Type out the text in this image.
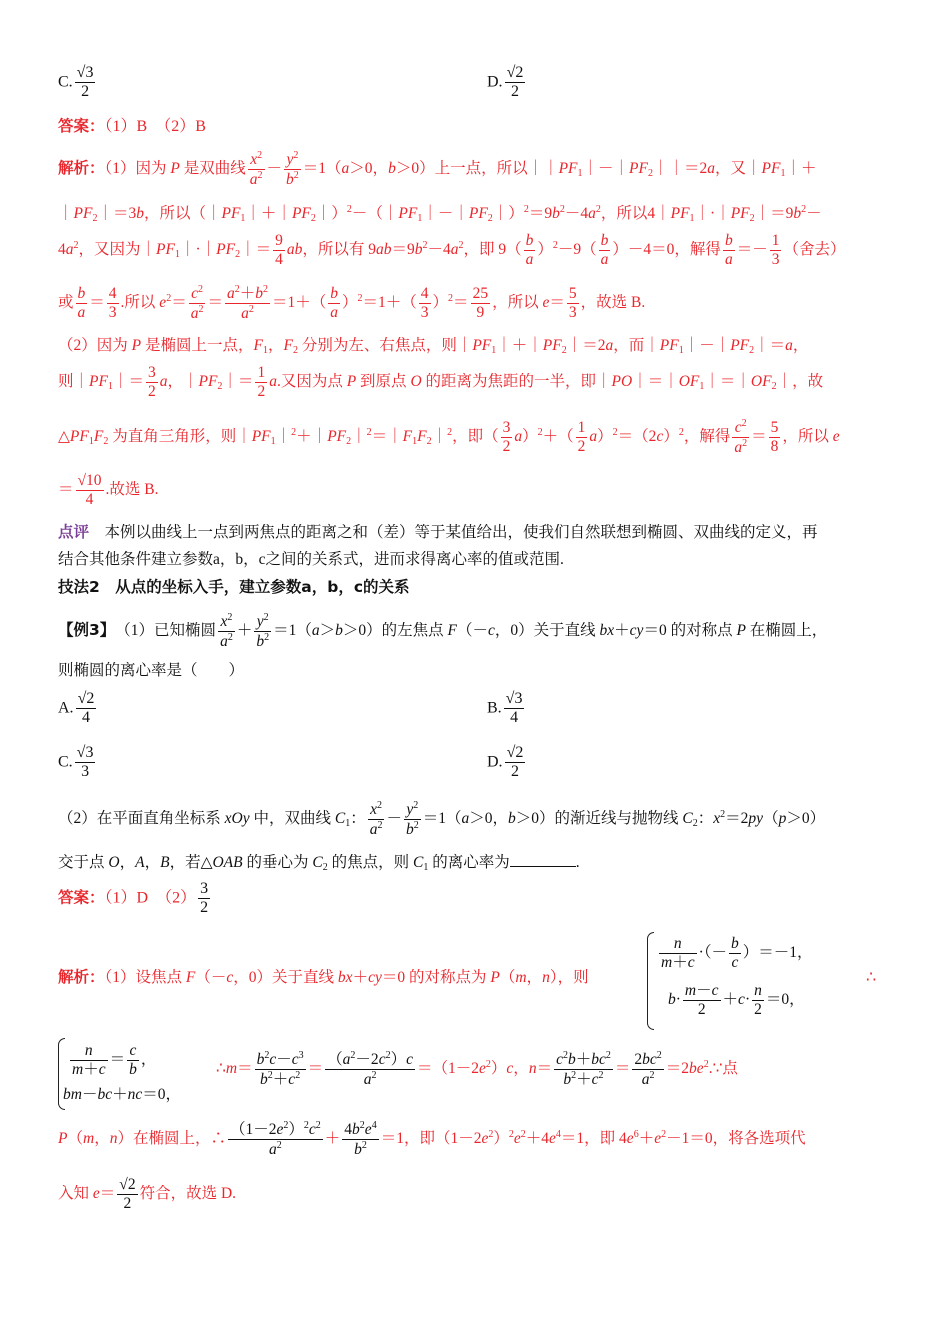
C. √ $\frac{3}{2}$	D. √ $\frac{2}{2}$
答案：（1）B　（2）B
解析：（1）因为 P 是双曲线 $\frac{x^2}{a^2} - \frac{y^2}{b^2} =1(a>0$，b＞0）上一点，所以$||PF_1|-|PF_2||=2a$，又$|PF_1|+$
$|PF_2|=3b$，所以$(|PF_1|+|PF_2|)^2-(|PF_1|-|PF_2|)^2=9b^2-4a^2$，所以$4|PF_1|\cdot|PF_2|=9b^2-$
$4a^2$，又因为$|PF_1|\cdot|PF_2|= \frac{9}{4}$ ab，所以有 $9ab=9b^2-4a^2$，即 $9( \frac{b}{a} )^2-9( \frac{b}{a} )-4=0$，解得 $\frac{b}{a} =- \frac{1}{3}$ （舍去）
或 $\frac{b}{a} = \frac{4}{3}$ .所以 $e^2= \frac{c^2}{a^2} = \frac{a^2+b^2}{a^2} =1+( \frac{b}{a} )^2=1+( \frac{4}{3} )^2= \frac{25}{9}$ ，所以 $e= \frac{5}{3}$ ，故选 B.
（2）因为 P 是椭圆上一点，$F_1$，$F_2$ 分别为左、右焦点，则$|PF_1|+|PF_2|=2a$，而$|PF_1|-|PF_2|=a$，
则$|PF_1|= \frac{3}{2}$ a，$|PF_2|= \frac{1}{2} a$.又因为点 P 到原点 O 的距离为焦距的一半，即$|PO|=|OF_1|=|OF_2|$，故
$\triangle PF_1F_2$ 为直角三角形，则$|PF_1|^2+|PF_2|^2=|F_1F_2|^2$，即（ $\frac{3}{2} a)^2+( \frac{1}{2} a)^2=(2c)^2$，解得 $\frac{c^2}{a^2} = \frac{5}{8}$ ，所以 e
＝ √ $\frac{10}{4}$ .故选 B.
点评　 本例以曲线上一点到两焦点的距离之和（差）等于某值给出，使我们自然联想到椭圆、双曲线的定义，再
结合其他条件建立参数a，b，c之间的关系式，进而求得离心率的值或范围.
技法2　从点的坐标入手，建立参数a，b，c的关系
【例3】　（1）已知椭圆 $\frac{x^2}{a^2} + \frac{y^2}{b^2} =1(a>b>0)$的左焦点 F（－c，0）关于直线 bx＋cy＝0 的对称点 P 在椭圆上，
则椭圆的离心率是（　　）
A. √ $\frac{2}{4}$	B. √ $\frac{3}{4}$
C. √ $\frac{3}{3}$	D. √ $\frac{2}{2}$
（2）在平面直角坐标系 xOy 中，双曲线 $C_1$： $\frac{x^2}{a^2} - \frac{y^2}{b^2} =1(a>0$，b＞0）的渐近线与抛物线 $C_2$：$x^2=2py(p>0)$
交于点 O，A，B，若△OAB 的垂心为 $C_2$ 的焦点，则 $C_1$ 的离心率为	.
答案：（1）D　$(2) \frac{3}{2}$
解析：（1）设焦点 F（－c，0）关于直线 bx＋cy＝0 的对称点为 P（m，n），则
$\frac{n}{m+c}$ ·（－ $\frac{b}{c} )=-1$，
$b\cdot \frac{m-c}{2} +c\cdot \frac{n}{2} =0$，
∴
$\frac{n}{m+c} = \frac{c}{b}$ ，
bm－bc＋nc＝0，
∴m＝ $\frac{b^2c-c^3}{b^2+c^2} = \frac{(a^2-2c^2)c}{a^2} =(1-2e^2)c$，$n= \frac{c^2b+bc^2}{b^2+c^2} = \frac{2bc^2}{a^2}$ $=2be^2.\because$点
P（m，n）在椭圆上，∴ $\frac{(1-2e^2)^2c^2}{a^2} + \frac{4b^2e^4}{b^2} =1$，即$(1-2e^2)^2e^2+4e^4=1$，即 $4e^6+e^2-1=0$，将各选项代
入知 e＝ √ $\frac{2}{2}$ 符合，故选 D.
